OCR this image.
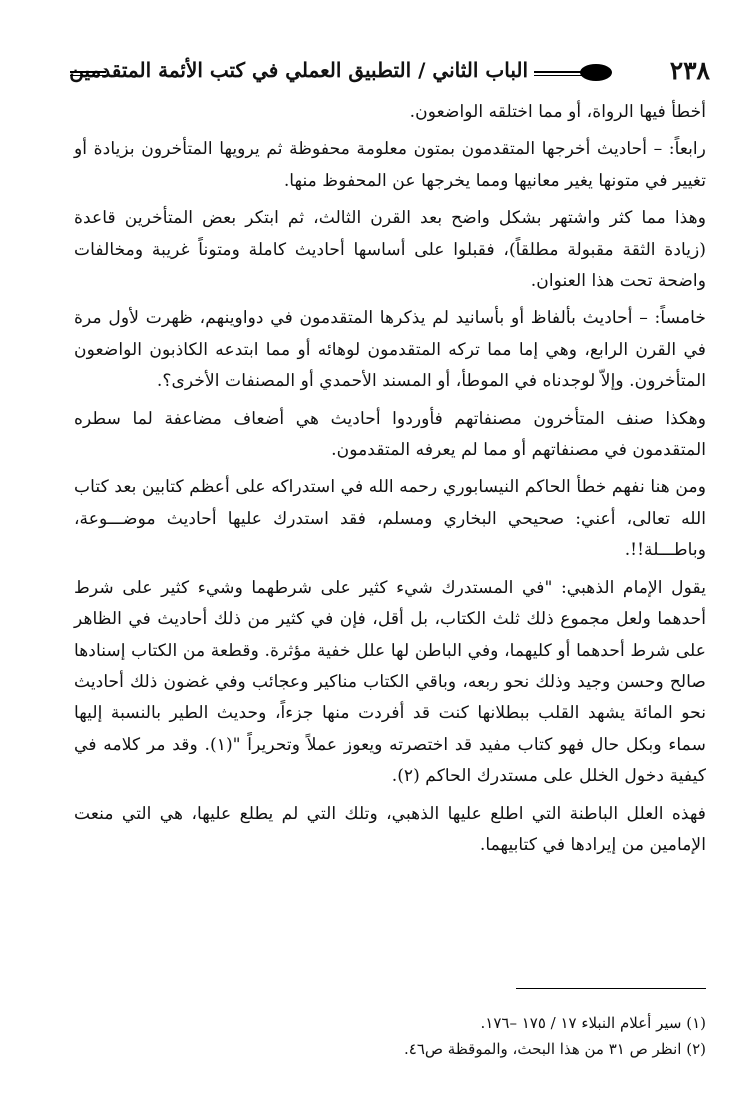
٢٣٨
الباب الثاني / التطبيق العملي في كتب الأئمة المتقدمين

أخطأ فيها الرواة، أو مما اختلقه الواضعون.

رابعاً: – أحاديث أخرجها المتقدمون بمتون معلومة محفوظة ثم يرويها المتأخرون بزيادة أو تغيير في متونها يغير معانيها ومما يخرجها عن المحفوظ منها.

وهذا مما كثر واشتهر بشكل واضح بعد القرن الثالث، ثم ابتكر بعض المتأخرين قاعدة (زيادة الثقة مقبولة مطلقاً)، فقبلوا على أساسها أحاديث كاملة ومتوناً غريبة ومخالفات واضحة تحت هذا العنوان.

خامساً: – أحاديث بألفاظ أو بأسانيد لم يذكرها المتقدمون في دواوينهم، ظهرت لأول مرة في القرن الرابع، وهي إما مما تركه المتقدمون لوهائه أو مما ابتدعه الكاذبون الواضعون المتأخرون. وإلاّ لوجدناه في الموطأ، أو المسند الأحمدي أو المصنفات الأخرى؟.

وهكذا صنف المتأخرون مصنفاتهم فأوردوا أحاديث هي أضعاف مضاعفة لما سطره المتقدمون في مصنفاتهم أو مما لم يعرفه المتقدمون.

ومن هنا نفهم خطأ الحاكم النيسابوري رحمه الله في استدراكه على أعظم كتابين بعد كتاب الله تعالى، أعني: صحيحي البخاري ومسلم، فقد استدرك عليها أحاديث موضـــوعة، وباطـــلة!!.

يقول الإمام الذهبي: "في المستدرك شيء كثير على شرطهما وشيء كثير على شرط أحدهما ولعل مجموع ذلك ثلث الكتاب، بل أقل، فإن في كثير من ذلك أحاديث في الظاهر على شرط أحدهما أو كليهما، وفي الباطن لها علل خفية مؤثرة. وقطعة من الكتاب إسنادها صالح وحسن وجيد وذلك نحو ربعه، وباقي الكتاب مناكير وعجائب وفي غضون ذلك أحاديث نحو المائة يشهد القلب ببطلانها كنت قد أفردت منها جزءاً، وحديث الطير بالنسبة إليها سماء وبكل حال فهو كتاب مفيد قد اختصرته ويعوز عملاً وتحريراً "(١). وقد مر كلامه في كيفية دخول الخلل على مستدرك الحاكم (٢).

فهذه العلل الباطنة التي اطلع عليها الذهبي، وتلك التي لم يطلع عليها، هي التي منعت الإمامين من إيرادها في كتابيهما.

(١) سير أعلام النبلاء ١٧ / ١٧٥ –١٧٦.
(٢) انظر ص ٣١ من هذا البحث، والموقظة ص٤٦.
